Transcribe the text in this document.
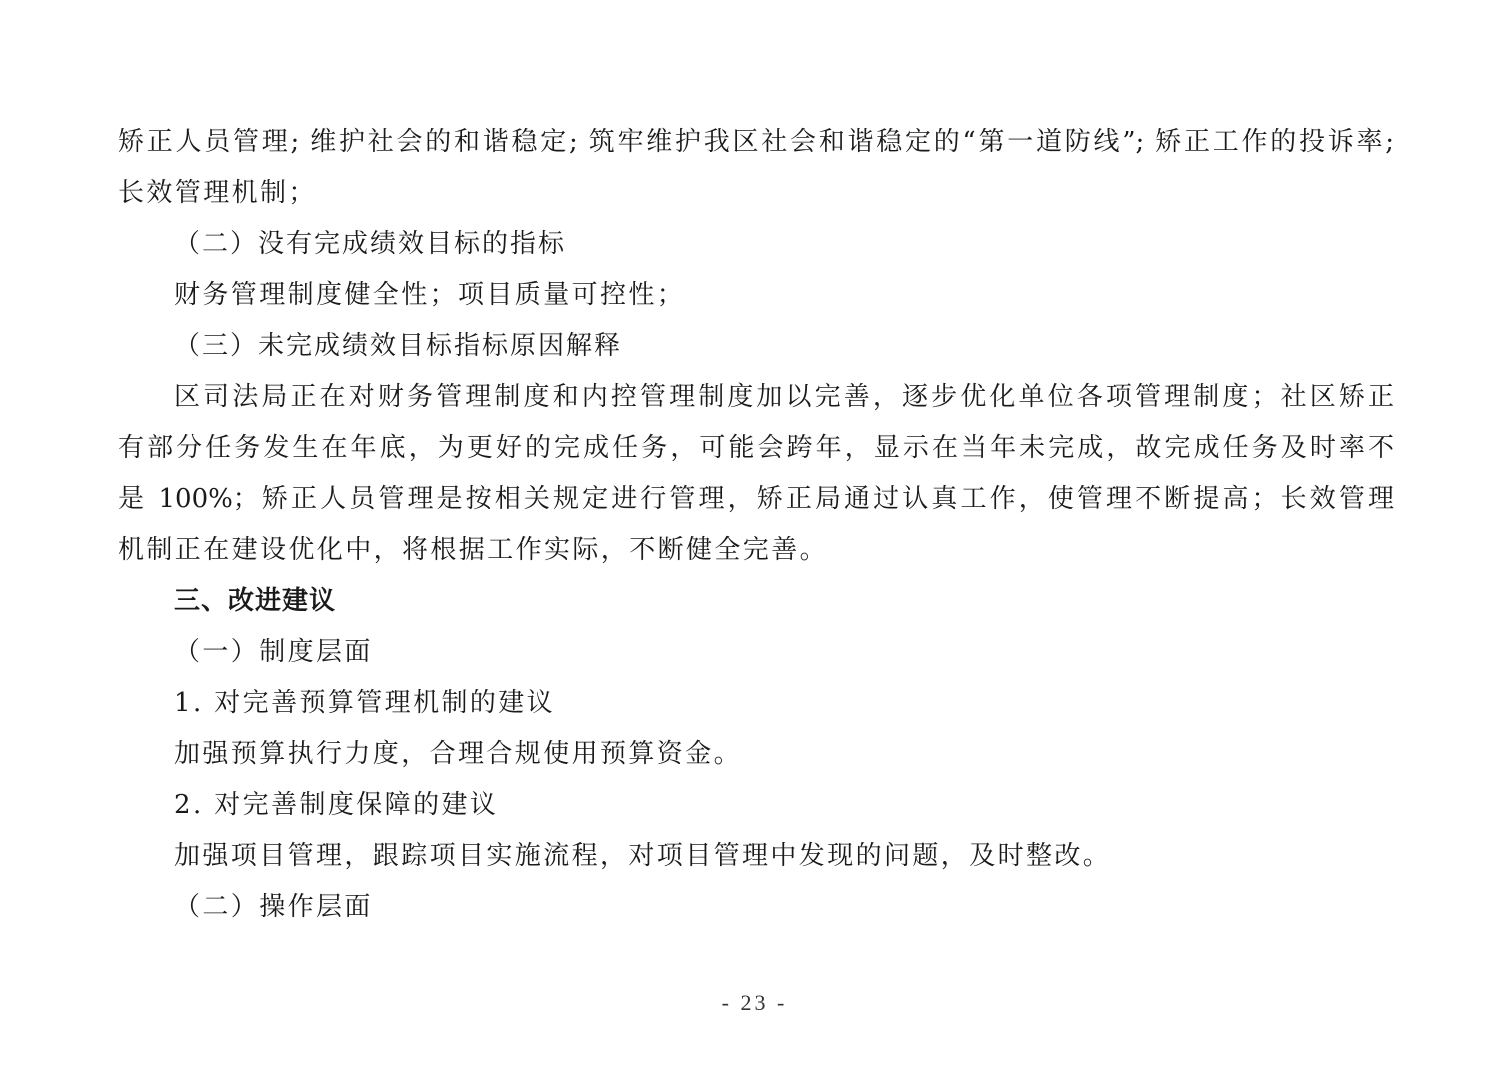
矫正人员管理; 维护社会的和谐稳定; 筑牢维护我区社会和谐稳定的“第一道防线”; 矫正工作的投诉率;
长效管理机制；
（二）没有完成绩效目标的指标
财务管理制度健全性；项目质量可控性；
（三）未完成绩效目标指标原因解释
区司法局正在对财务管理制度和内控管理制度加以完善，逐步优化单位各项管理制度；社区矫正
有部分任务发生在年底，为更好的完成任务，可能会跨年，显示在当年未完成，故完成任务及时率不
是 100%；矫正人员管理是按相关规定进行管理，矫正局通过认真工作，使管理不断提高；长效管理
机制正在建设优化中，将根据工作实际，不断健全完善。
三、改进建议
（一）制度层面
1. 对完善预算管理机制的建议
加强预算执行力度，合理合规使用预算资金。
2. 对完善制度保障的建议
加强项目管理，跟踪项目实施流程，对项目管理中发现的问题，及时整改。
（二）操作层面
- 23 -
